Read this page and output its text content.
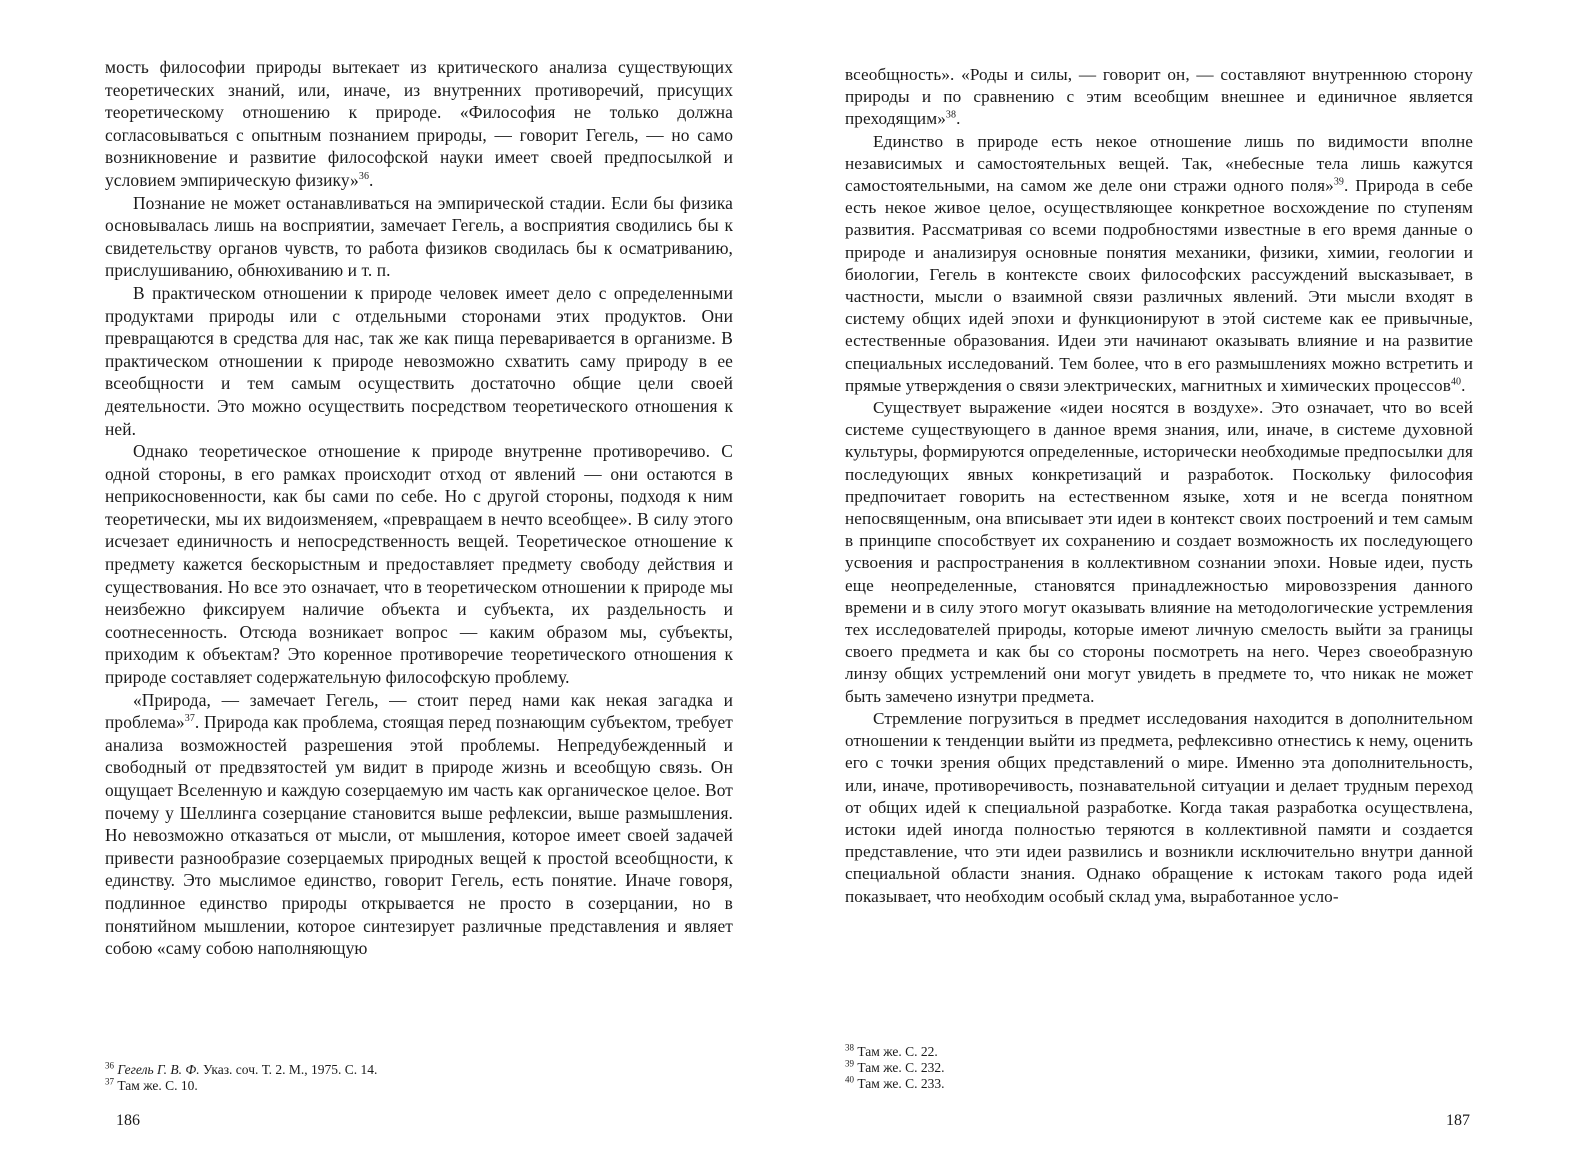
мость философии природы вытекает из критического анализа существующих теоретических знаний, или, иначе, из внутренних противоречий, присущих теоретическому отношению к природе. «Философия не только должна согласовываться с опытным познанием природы, — говорит Гегель, — но само возникновение и развитие философской науки имеет своей предпосылкой и условием эмпирическую физику»$^{36}$.

Познание не может останавливаться на эмпирической стадии. Если бы физика основывалась лишь на восприятии, замечает Гегель, а восприятия сводились бы к свидетельству органов чувств, то работа физиков сводилась бы к осматриванию, прислушиванию, обнюхиванию и т. п.

В практическом отношении к природе человек имеет дело с определенными продуктами природы или с отдельными сторонами этих продуктов. Они превращаются в средства для нас, так же как пища переваривается в организме. В практическом отношении к природе невозможно схватить саму природу в ее всеобщности и тем самым осуществить достаточно общие цели своей деятельности. Это можно осуществить посредством теоретического отношения к ней.

Однако теоретическое отношение к природе внутренне противоречиво. С одной стороны, в его рамках происходит отход от явлений — они остаются в неприкосновенности, как бы сами по себе. Но с другой стороны, подходя к ним теоретически, мы их видоизменяем, «превращаем в нечто всеобщее». В силу этого исчезает единичность и непосредственность вещей. Теоретическое отношение к предмету кажется бескорыстным и предоставляет предмету свободу действия и существования. Но все это означает, что в теоретическом отношении к природе мы неизбежно фиксируем наличие объекта и субъекта, их раздельность и соотнесенность. Отсюда возникает вопрос — каким образом мы, субъекты, приходим к объектам? Это коренное противоречие теоретического отношения к природе составляет содержательную философскую проблему.

«Природа, — замечает Гегель, — стоит перед нами как некая загадка и проблема»$^{37}$. Природа как проблема, стоящая перед познающим субъектом, требует анализа возможностей разрешения этой проблемы. Непредубежденный и свободный от предвзятостей ум видит в природе жизнь и всеобщую связь. Он ощущает Вселенную и каждую созерцаемую им часть как органическое целое. Вот почему у Шеллинга созерцание становится выше рефлексии, выше размышления. Но невозможно отказаться от мысли, от мышления, которое имеет своей задачей привести разнообразие созерцаемых природных вещей к простой всеобщности, к единству. Это мыслимое единство, говорит Гегель, есть понятие. Иначе говоря, подлинное единство природы открывается не просто в созерцании, но в понятийном мышлении, которое синтезирует различные представления и являет собою «саму собою наполняющую

$^{36}$ Гегель Г. В. Ф. Указ. соч. Т. 2. М., 1975. С. 14.

$^{37}$ Там же. С. 10.

186

всеобщность». «Роды и силы, — говорит он, — составляют внутреннюю сторону природы и по сравнению с этим всеобщим внешнее и единичное является преходящим»$^{38}$.

Единство в природе есть некое отношение лишь по видимости вполне независимых и самостоятельных вещей. Так, «небесные тела лишь кажутся самостоятельными, на самом же деле они стражи одного поля»$^{39}$. Природа в себе есть некое живое целое, осуществляющее конкретное восхождение по ступеням развития. Рассматривая со всеми подробностями известные в его время данные о природе и анализируя основные понятия механики, физики, химии, геологии и биологии, Гегель в контексте своих философских рассуждений высказывает, в частности, мысли о взаимной связи различных явлений. Эти мысли входят в систему общих идей эпохи и функционируют в этой системе как ее привычные, естественные образования. Идеи эти начинают оказывать влияние и на развитие специальных исследований. Тем более, что в его размышлениях можно встретить и прямые утверждения о связи электрических, магнитных и химических процессов$^{40}$.

Существует выражение «идеи носятся в воздухе». Это означает, что во всей системе существующего в данное время знания, или, иначе, в системе духовной культуры, формируются определенные, исторически необходимые предпосылки для последующих явных конкретизаций и разработок. Поскольку философия предпочитает говорить на естественном языке, хотя и не всегда понятном непосвященным, она вписывает эти идеи в контекст своих построений и тем самым в принципе способствует их сохранению и создает возможность их последующего усвоения и распространения в коллективном сознании эпохи. Новые идеи, пусть еще неопределенные, становятся принадлежностью мировоззрения данного времени и в силу этого могут оказывать влияние на методологические устремления тех исследователей природы, которые имеют личную смелость выйти за границы своего предмета и как бы со стороны посмотреть на него. Через своеобразную линзу общих устремлений они могут увидеть в предмете то, что никак не может быть замечено изнутри предмета.

Стремление погрузиться в предмет исследования находится в дополнительном отношении к тенденции выйти из предмета, рефлексивно отнестись к нему, оценить его с точки зрения общих представлений о мире. Именно эта дополнительность, или, иначе, противоречивость, познавательной ситуации и делает трудным переход от общих идей к специальной разработке. Когда такая разработка осуществлена, истоки идей иногда полностью теряются в коллективной памяти и создается представление, что эти идеи развились и возникли исключительно внутри данной специальной области знания. Однако обращение к истокам такого рода идей показывает, что необходим особый склад ума, выработанное усло-

$^{38}$ Там же. С. 22.

$^{39}$ Там же. С. 232.

$^{40}$ Там же. С. 233.

187
